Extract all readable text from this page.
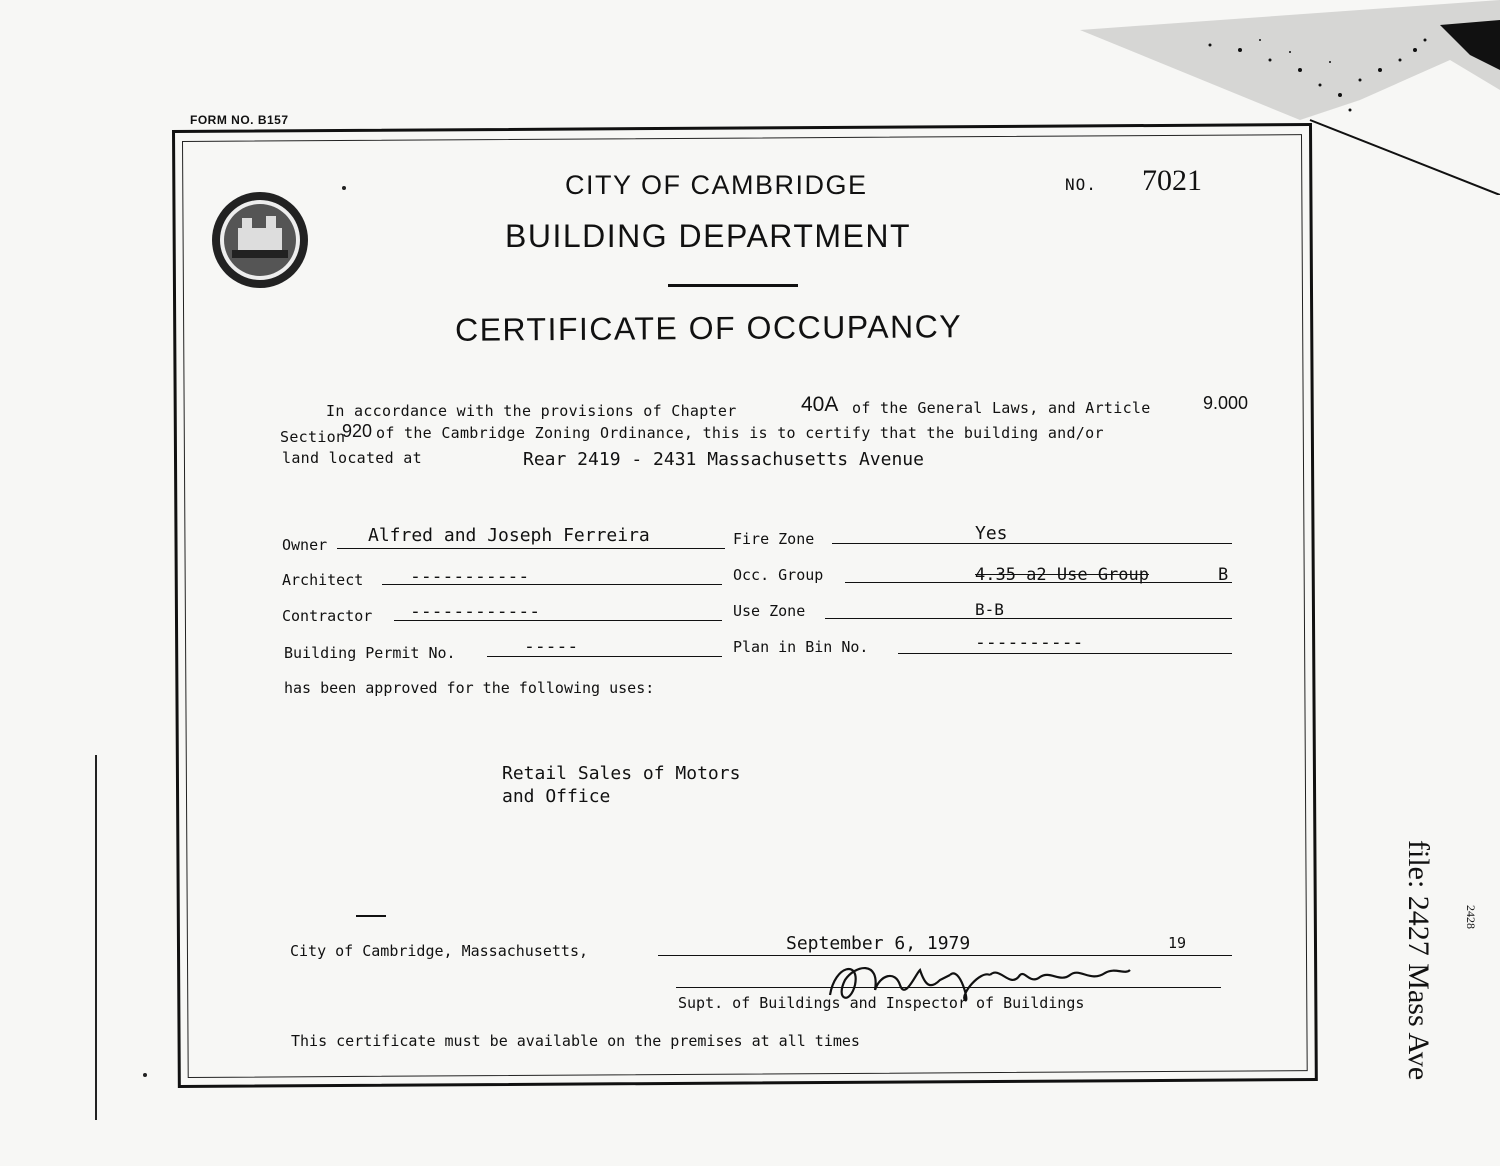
FORM NO. B157
CITY OF CAMBRIDGE
BUILDING DEPARTMENT
CERTIFICATE OF OCCUPANCY
NO. 7021
In accordance with the provisions of Chapter	40A of the General Laws, and Article	9.000
Section
920 of the Cambridge Zoning Ordinance, this is to certify that the building and/or
land located at	Rear 2419 - 2431 Massachusetts Avenue
Owner Alfred and Joseph Ferreira	Fire Zone	Yes
Architect	-----------	Occ. Group	4.35 a2 Use Group	B
Contractor ------------	Use Zone	B-B
Building Permit No.	-----	Plan in Bin No.	----------
has been approved for the following uses:
Retail Sales of Motors
and Office
City of Cambridge, Massachusetts,	September 6, 1979	19
Supt. of Buildings and Inspector of Buildings
This certificate must be available on the premises at all times	file: 2427 Mass Ave 2428
